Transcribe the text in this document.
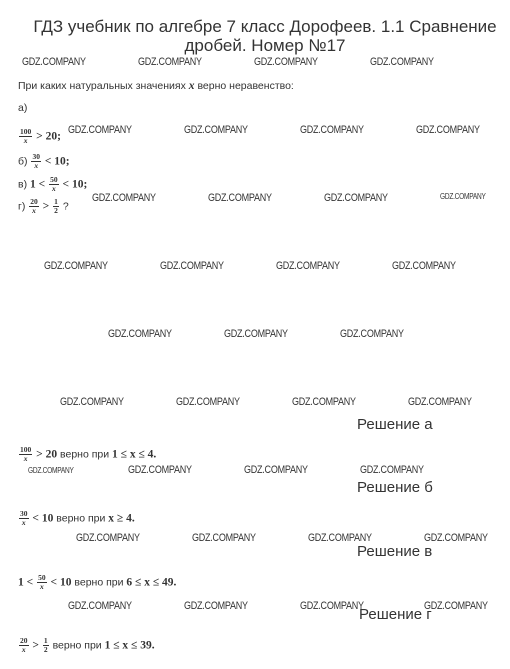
ГДЗ учебник по алгебре 7 класс Дорофеев. 1.1 Сравнение дробей. Номер №17
GDZ.COMPANY	GDZ.COMPANY	GDZ.COMPANY	GDZ.COMPANY
GDZ.COMPANY	GDZ.COMPANY	GDZ.COMPANY	GDZ.COMPANY
GDZ.COMPANY	GDZ.COMPANY	GDZ.COMPANY	GDZ.COMPANY
GDZ.COMPANY	GDZ.COMPANY	GDZ.COMPANY	GDZ.COMPANY
GDZ.COMPANY	GDZ.COMPANY	GDZ.COMPANY
GDZ.COMPANY	GDZ.COMPANY	GDZ.COMPANY	GDZ.COMPANY
GDZ.COMPANY	GDZ.COMPANY	GDZ.COMPANY	GDZ.COMPANY
GDZ.COMPANY	GDZ.COMPANY	GDZ.COMPANY	GDZ.COMPANY
GDZ.COMPANY	GDZ.COMPANY	GDZ.COMPANY	GDZ.COMPANY
При каких натуральных значениях x верно неравенство:
а)
$\frac{100}{x} > 20$;
$б) \frac{30}{x} < 10$;
в) $1 < \frac{50}{x} < 10$;
$г) \frac{20}{x} > \frac{1}{2}$ ?
Решение а
$\frac{100}{x} > 20$ верно при 1 ≤ x ≤ 4.
Решение б
$\frac{30}{x} < 10$ верно при x ≥ 4.
Решение в
$1 < \frac{50}{x} < 10$ верно при 6 ≤ x ≤ 49.
Решение г
$\frac{20}{x} > \frac{1}{2}$ верно при 1 ≤ x ≤ 39.
